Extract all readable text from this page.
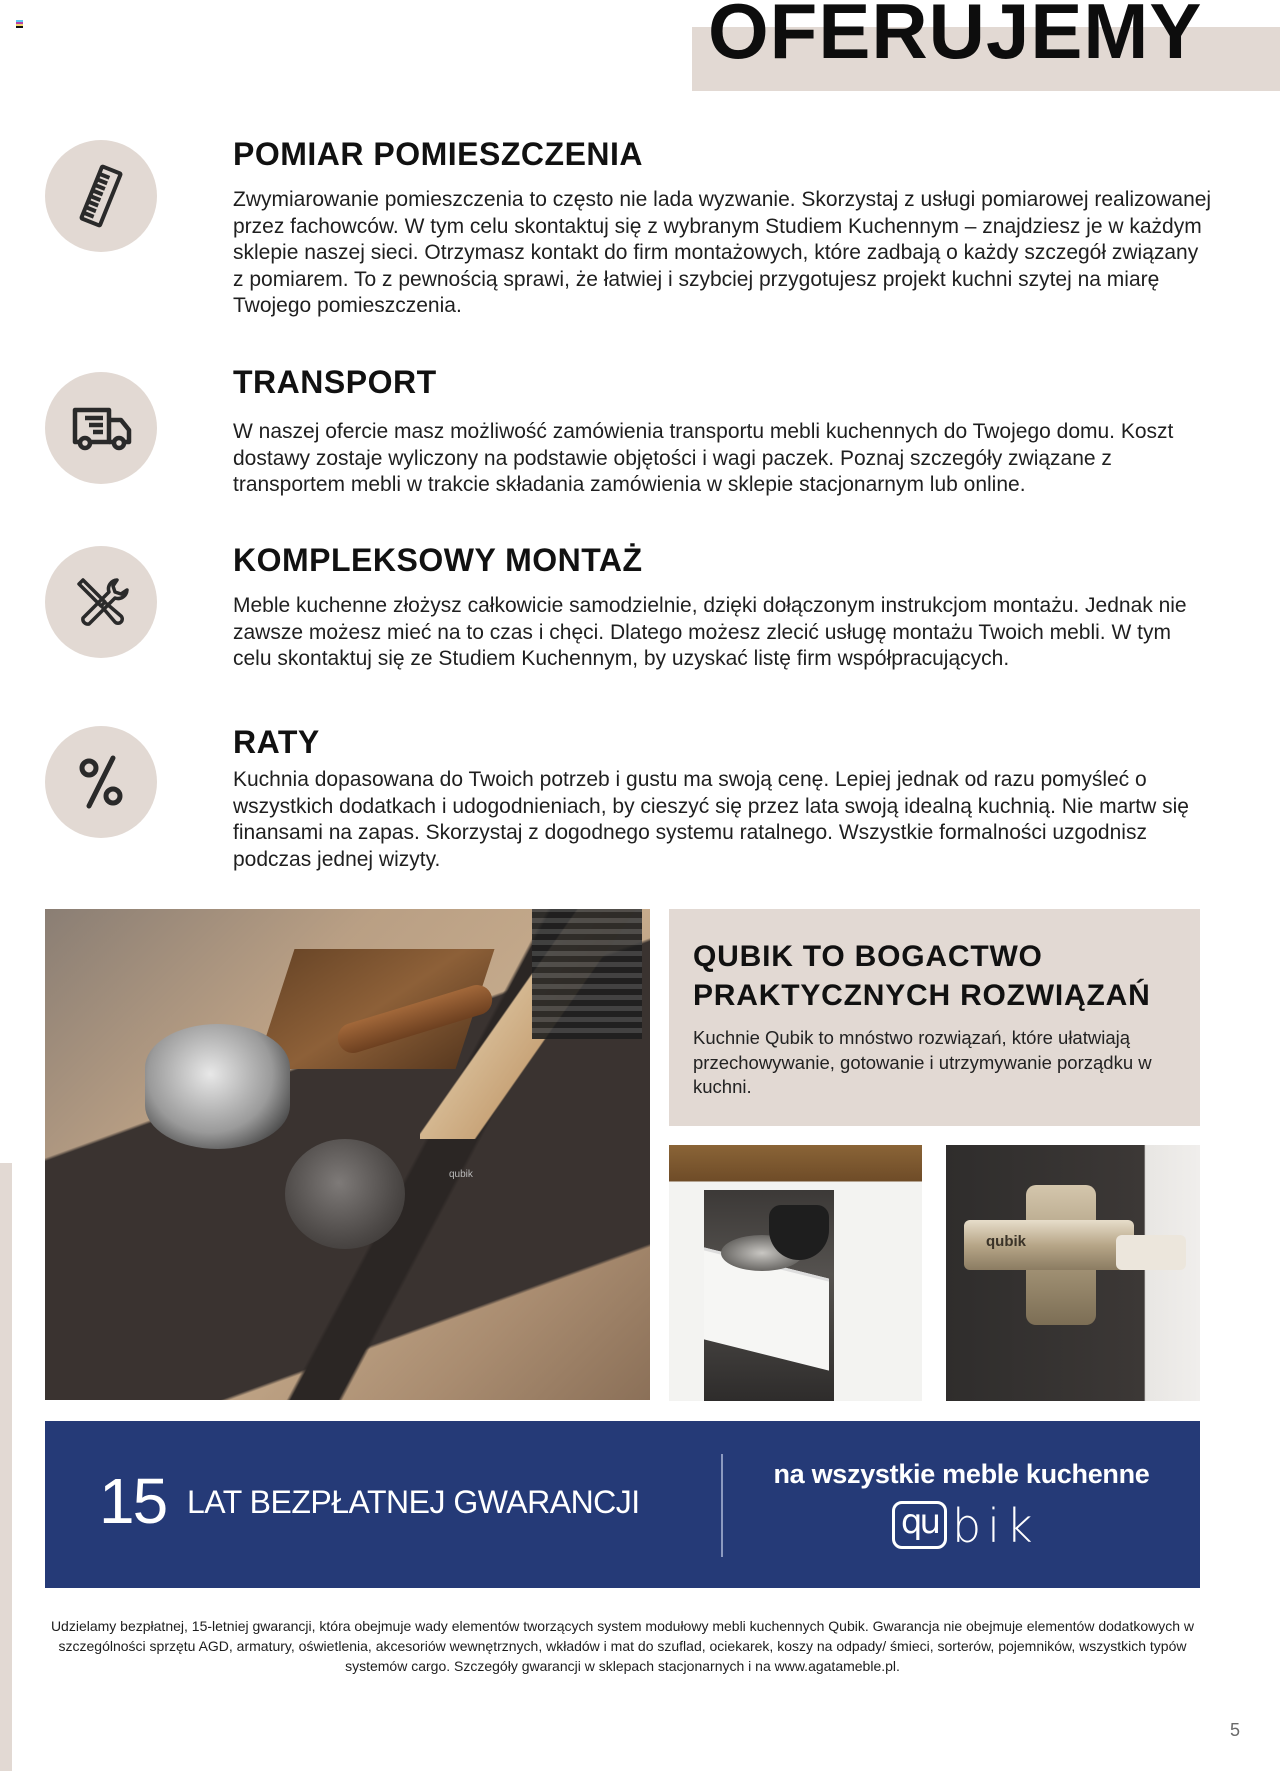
OFERUJEMY
POMIAR POMIESZCZENIA

Zwymiarowanie pomieszczenia to często nie lada wyzwanie. Skorzystaj z usługi pomiarowej realizowanej przez fachowców. W tym celu skontaktuj się z wybranym Studiem Kuchennym – znajdziesz je w każdym sklepie naszej sieci. Otrzymasz kontakt do firm montażowych, które zadbają o każdy szczegół związany z pomiarem. To z pewnością sprawi, że łatwiej i szybciej przygotujesz projekt kuchni szytej na miarę Twojego pomieszczenia.

TRANSPORT

W naszej ofercie masz możliwość zamówienia transportu mebli kuchennych do Twojego domu. Koszt dostawy zostaje wyliczony na podstawie objętości i wagi paczek. Poznaj szczegóły związane z transportem mebli w trakcie składania zamówienia w sklepie stacjonarnym lub online.

KOMPLEKSOWY MONTAŻ

Meble kuchenne złożysz całkowicie samodzielnie, dzięki dołączonym instrukcjom montażu. Jednak nie zawsze możesz mieć na to czas i chęci. Dlatego możesz zlecić usługę montażu Twoich mebli. W tym celu skontaktuj się ze Studiem Kuchennym, by uzyskać listę firm współpracujących.

RATY

Kuchnia dopasowana do Twoich potrzeb i gustu ma swoją cenę. Lepiej jednak od razu pomyśleć o wszystkich dodatkach i udogodnieniach, by cieszyć się przez lata swoją idealną kuchnią. Nie martw się finansami na zapas. Skorzystaj z dogodnego systemu ratalnego. Wszystkie formalności uzgodnisz podczas jednej wizyty.

qubik
QUBIK TO BOGACTWO
PRAKTYCZNYCH ROZWIĄZAŃ

Kuchnie Qubik to mnóstwo rozwiązań, które ułatwiają przechowywanie, gotowanie i utrzymywanie porządku w kuchni.

qubik
15 LAT BEZPŁATNEJ GWARANCJI
na wszystkie meble kuchenne
qu bik

Udzielamy bezpłatnej, 15-letniej gwarancji, która obejmuje wady elementów tworzących system modułowy mebli kuchennych Qubik. Gwarancja nie obejmuje elementów dodatkowych w szczególności sprzętu AGD, armatury, oświetlenia, akcesoriów wewnętrznych, wkładów i mat do szuflad, ociekarek, koszy na odpady/ śmieci, sorterów, pojemników, wszystkich typów systemów cargo. Szczegóły gwarancji w sklepach stacjonarnych i na www.agatameble.pl.

5
